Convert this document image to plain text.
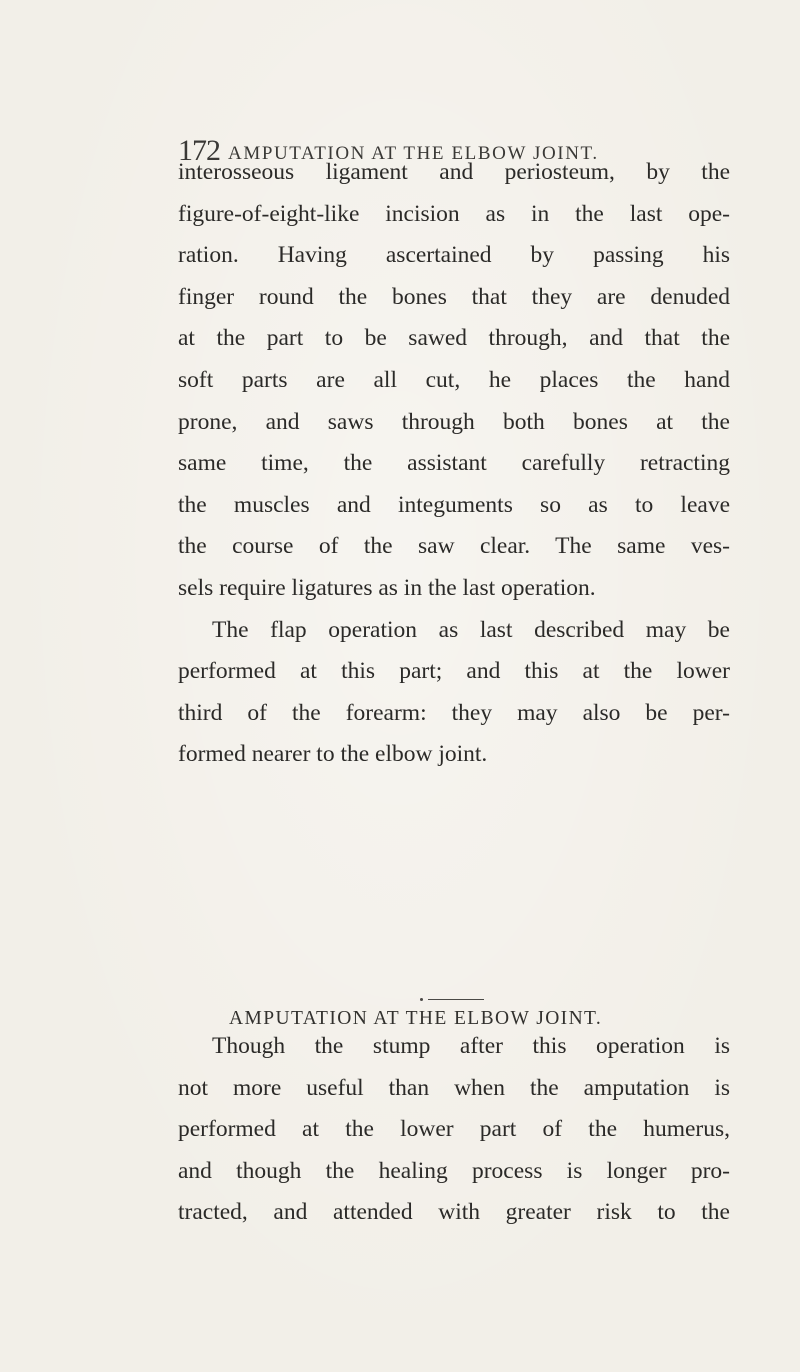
172 AMPUTATION AT THE ELBOW JOINT.
interosseous ligament and periosteum, by the
figure-of-eight-like incision as in the last ope-
ration. Having ascertained by passing his
finger round the bones that they are denuded
at the part to be sawed through, and that the
soft parts are all cut, he places the hand
prone, and saws through both bones at the
same time, the assistant carefully retracting
the muscles and integuments so as to leave
the course of the saw clear. The same ves-
sels require ligatures as in the last operation.
The flap operation as last described may be
performed at this part; and this at the lower
third of the forearm: they may also be per-
formed nearer to the elbow joint.
AMPUTATION AT THE ELBOW JOINT.
Though the stump after this operation is
not more useful than when the amputation is
performed at the lower part of the humerus,
and though the healing process is longer pro-
tracted, and attended with greater risk to the
